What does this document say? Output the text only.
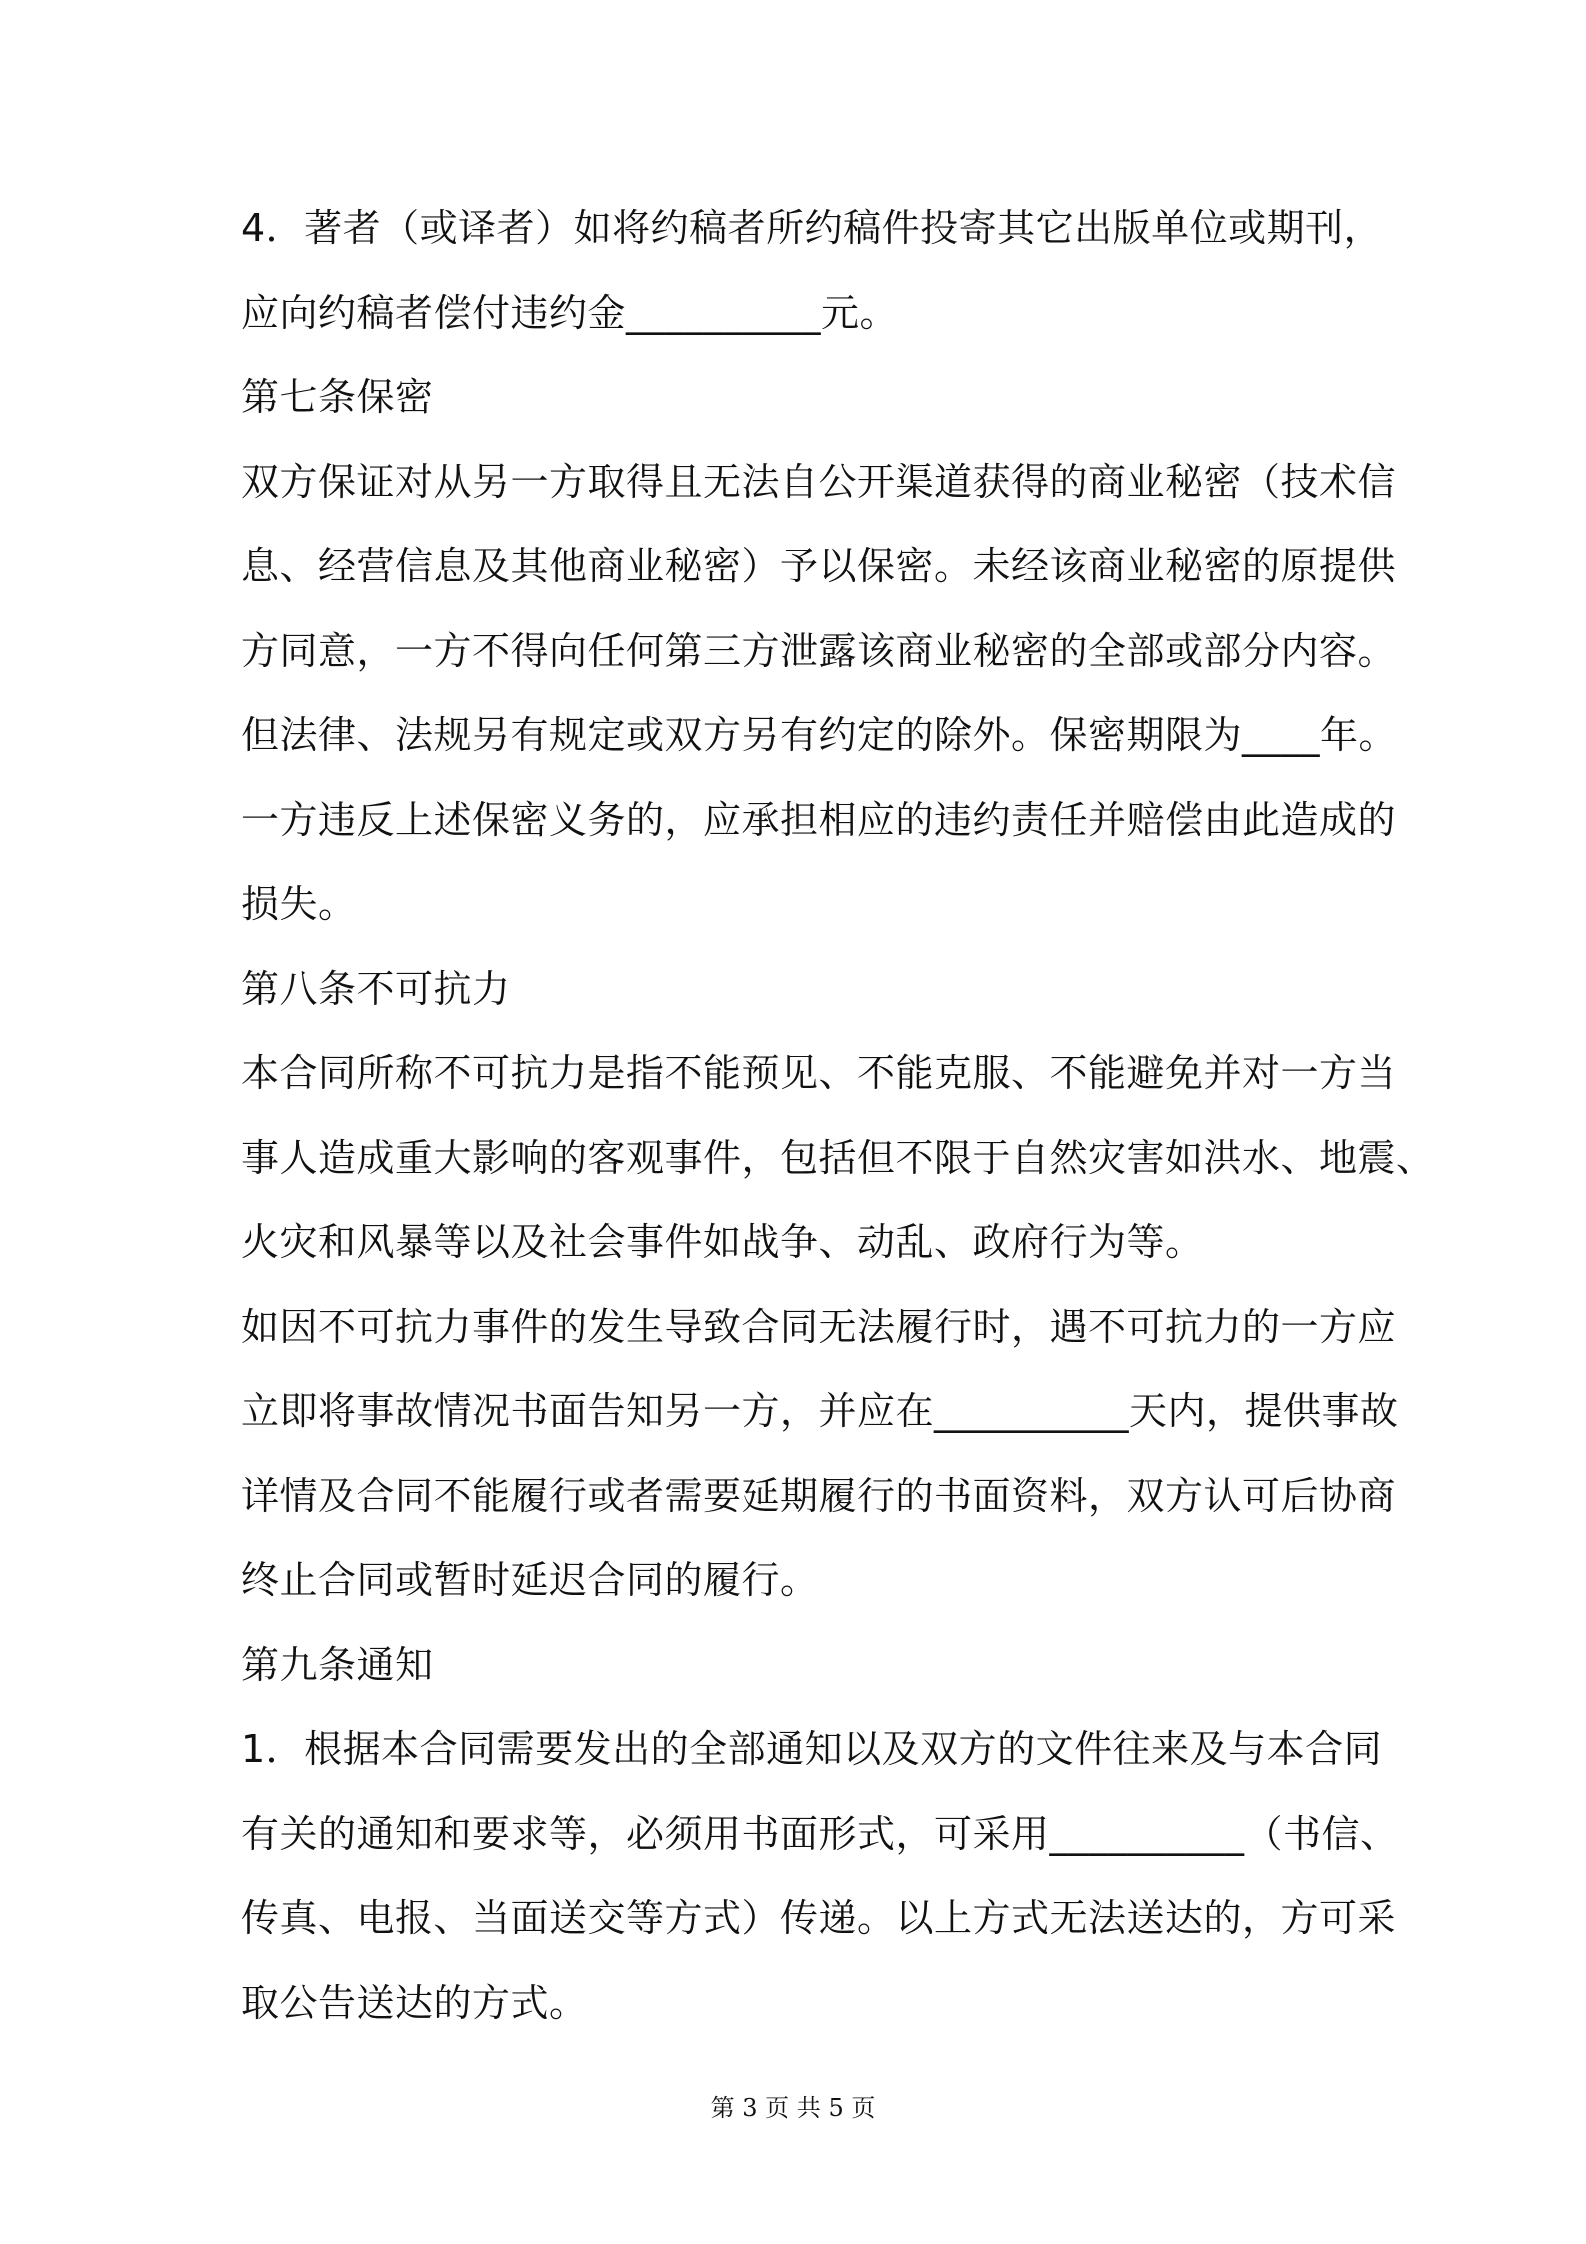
4．著者（或译者）如将约稿者所约稿件投寄其它出版单位或期刊，
应向约稿者偿付违约金__________元。
第七条保密
双方保证对从另一方取得且无法自公开渠道获得的商业秘密（技术信
息、经营信息及其他商业秘密）予以保密。未经该商业秘密的原提供
方同意，一方不得向任何第三方泄露该商业秘密的全部或部分内容。
但法律、法规另有规定或双方另有约定的除外。保密期限为____年。
一方违反上述保密义务的，应承担相应的违约责任并赔偿由此造成的
损失。
第八条不可抗力
本合同所称不可抗力是指不能预见、不能克服、不能避免并对一方当
事人造成重大影响的客观事件，包括但不限于自然灾害如洪水、地震、
火灾和风暴等以及社会事件如战争、动乱、政府行为等。
如因不可抗力事件的发生导致合同无法履行时，遇不可抗力的一方应
立即将事故情况书面告知另一方，并应在__________天内，提供事故
详情及合同不能履行或者需要延期履行的书面资料，双方认可后协商
终止合同或暂时延迟合同的履行。
第九条通知
1．根据本合同需要发出的全部通知以及双方的文件往来及与本合同
有关的通知和要求等，必须用书面形式，可采用__________（书信、
传真、电报、当面送交等方式）传递。以上方式无法送达的，方可采
取公告送达的方式。
第 3 页 共 5 页
